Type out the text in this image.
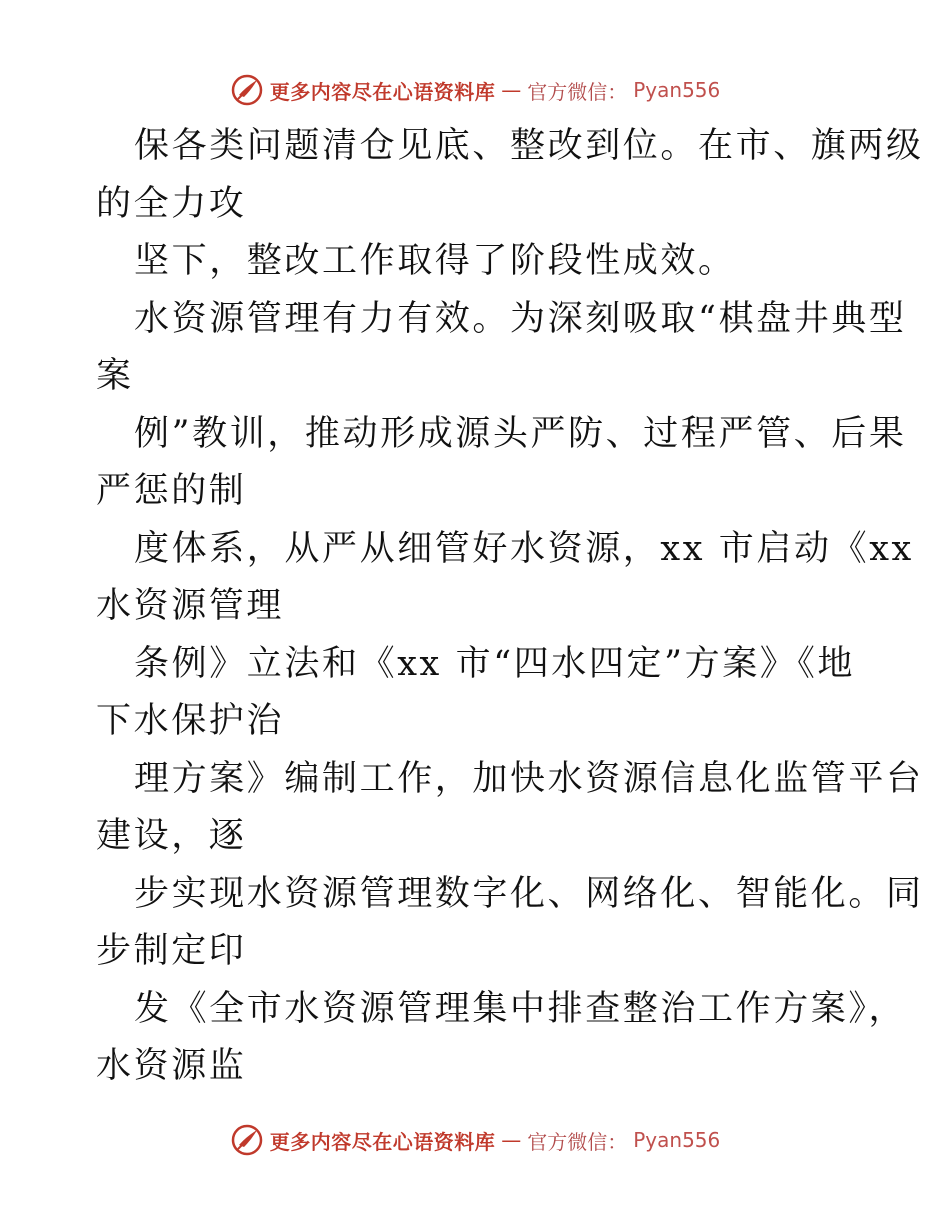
更多内容尽在心语资料库 — 官方微信： Pyan556
保各类问题清仓见底、整改到位。在市、旗两级
的全力攻
坚下，整改工作取得了阶段性成效。
水资源管理有力有效。为深刻吸取“棋盘井典型
案
例”教训，推动形成源头严防、过程严管、后果
严惩的制
度体系，从严从细管好水资源，xx 市启动《xx
水资源管理
条例》立法和《xx 市“四水四定”方案》《地
下水保护治
理方案》编制工作，加快水资源信息化监管平台
建设，逐
步实现水资源管理数字化、网络化、智能化。同
步制定印
发《全市水资源管理集中排查整治工作方案》，
水资源监
更多内容尽在心语资料库 — 官方微信： Pyan556
